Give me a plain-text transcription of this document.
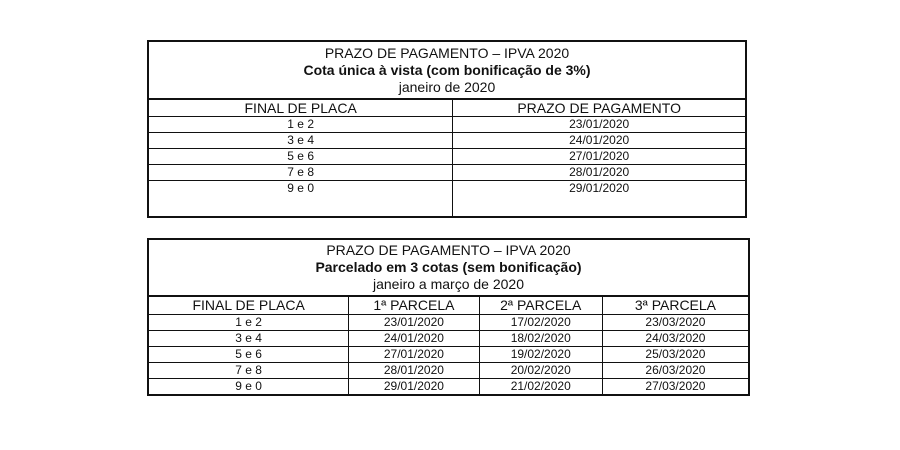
PRAZO DE PAGAMENTO – IPVA 2020
Cota única à vista (com bonificação de 3%)
janeiro de 2020	

FINAL DE PLACA	PRAZO DE PAGAMENTO
1 e 2	23/01/2020
3 e 4	24/01/2020
5 e 6	27/01/2020
7 e 8	28/01/2020
9 e 0	29/01/2020

PRAZO DE PAGAMENTO – IPVA 2020
Parcelado em 3 cotas (sem bonificação)
janeiro a março de 2020			

FINAL DE PLACA	1ª PARCELA	2ª PARCELA	3ª PARCELA
1 e 2	23/01/2020	17/02/2020	23/03/2020
3 e 4	24/01/2020	18/02/2020	24/03/2020
5 e 6	27/01/2020	19/02/2020	25/03/2020
7 e 8	28/01/2020	20/02/2020	26/03/2020
9 e 0	29/01/2020	21/02/2020	27/03/2020
